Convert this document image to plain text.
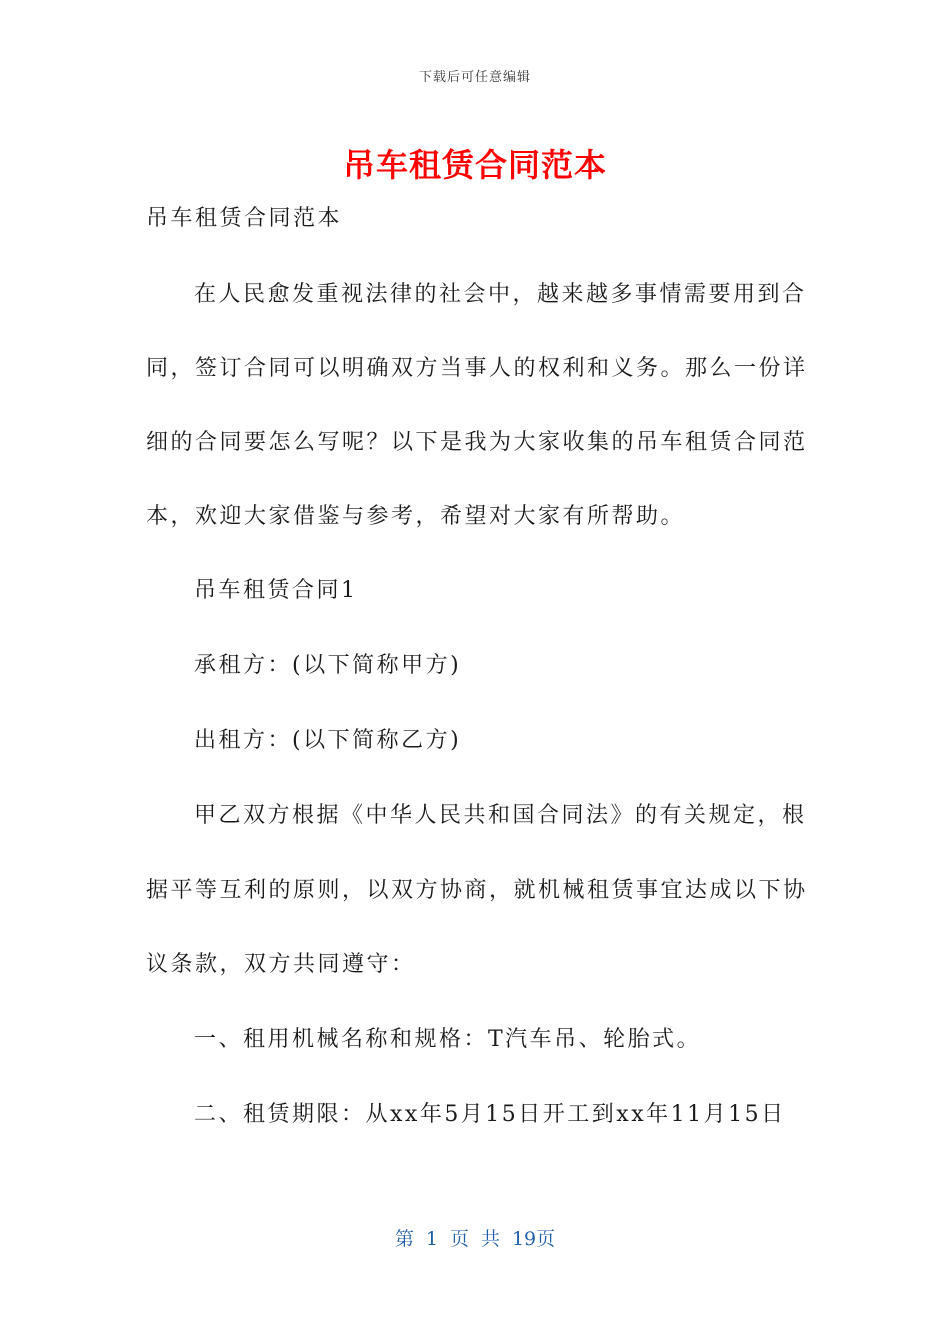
下载后可任意编辑
吊车租赁合同范本
吊车租赁合同范本
在人民愈发重视法律的社会中，越来越多事情需要用到合
同，签订合同可以明确双方当事人的权利和义务。那么一份详
细的合同要怎么写呢？以下是我为大家收集的吊车租赁合同范
本，欢迎大家借鉴与参考，希望对大家有所帮助。
吊车租赁合同1
承租方：(以下简称甲方)
出租方：(以下简称乙方)
甲乙双方根据《中华人民共和国合同法》的有关规定，根
据平等互利的原则，以双方协商，就机械租赁事宜达成以下协
议条款，双方共同遵守：
一、租用机械名称和规格：T汽车吊、轮胎式。
二、租赁期限：从xx年5月15日开工到xx年11月15日
第 1 页 共 19页
